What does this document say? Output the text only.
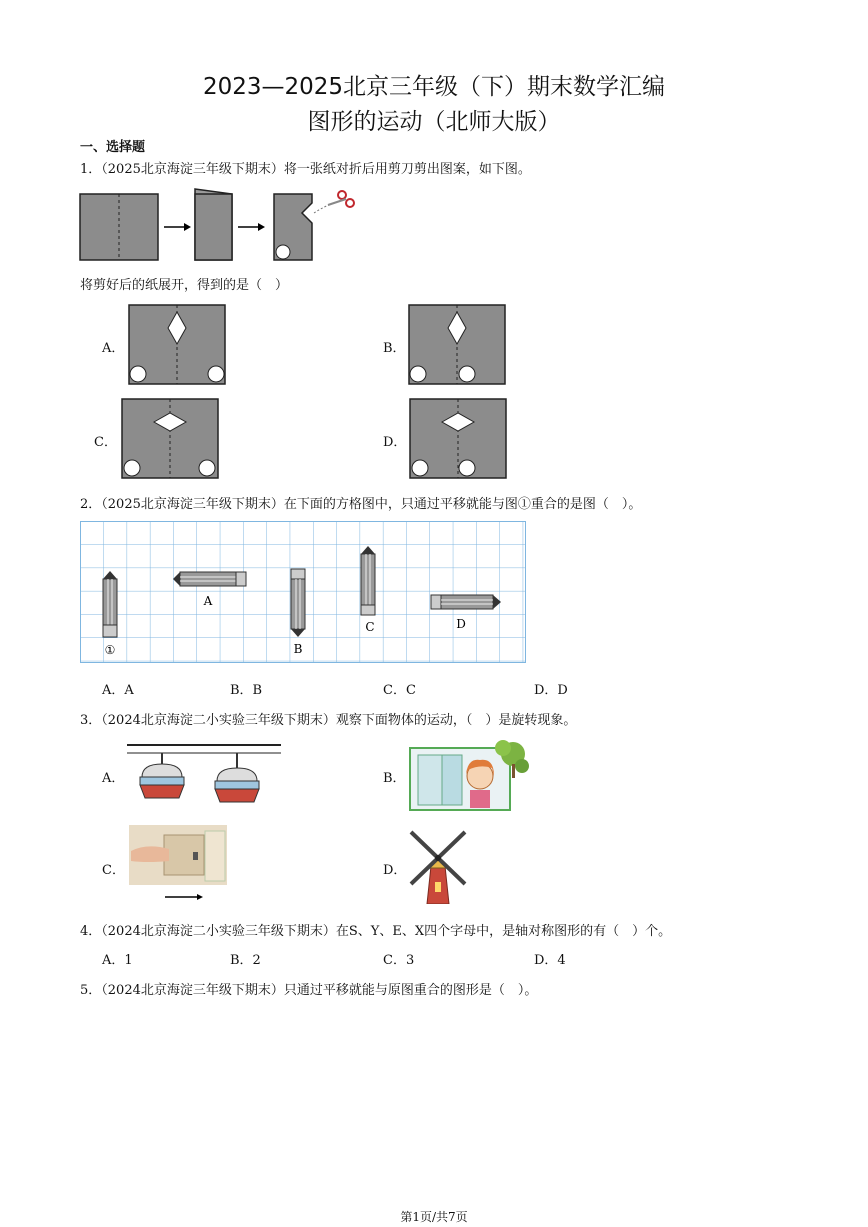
2023—2025北京三年级（下）期末数学汇编
图形的运动（北师大版）
一、选择题
1．（2025北京海淀三年级下期末）将一张纸对折后用剪刀剪出图案，如下图。
将剪好后的纸展开，得到的是（　）
A．	B．
C．	D．
2．（2025北京海淀三年级下期末）在下面的方格图中，只通过平移就能与图①重合的是图（　）。
①
A
B
C	D
A．A	B．B	C．C	D．D
3．（2024北京海淀二小实验三年级下期末）观察下面物体的运动，（　）是旋转现象。
A．	B．
C．	D．
4．（2024北京海淀二小实验三年级下期末）在S、Y、E、X四个字母中，是轴对称图形的有（　）个。
A．1	B．2	C．3	D．4
5．（2024北京海淀三年级下期末）只通过平移就能与原图重合的图形是（　）。
第1页/共7页
